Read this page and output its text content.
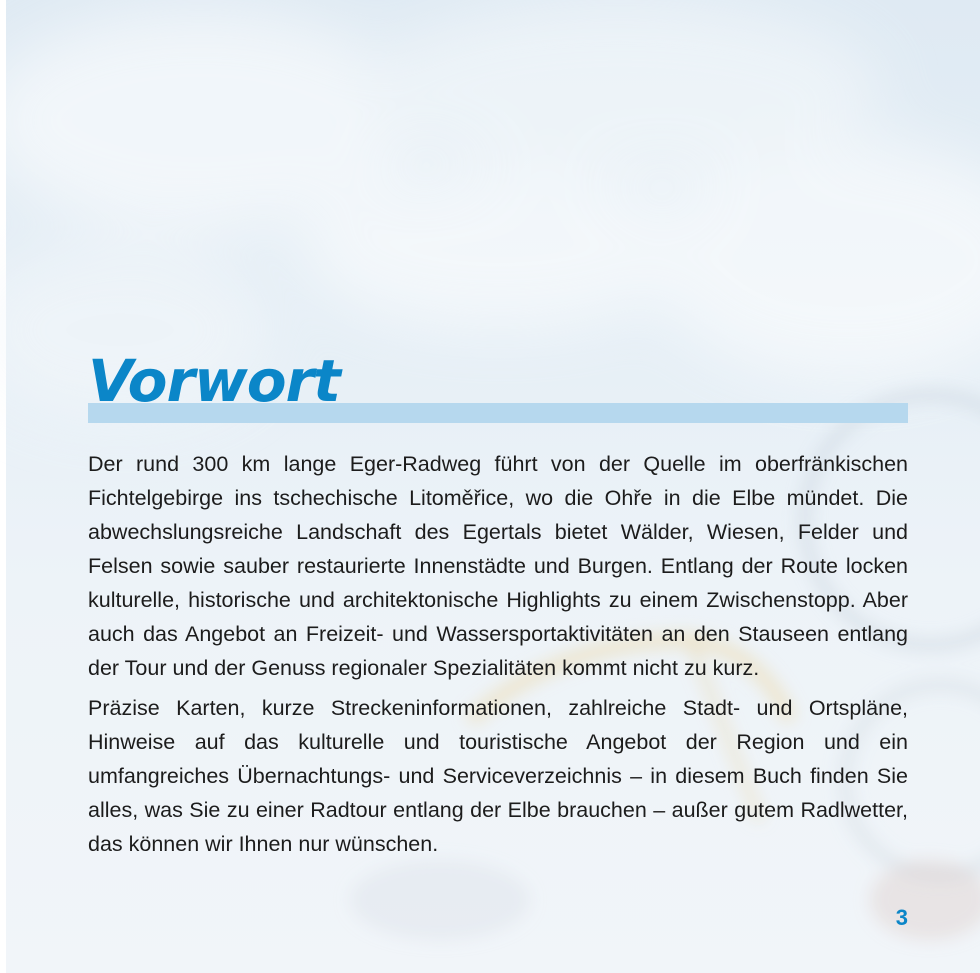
Vorwort

Der rund 300 km lange Eger-Radweg führt von der Quelle im oberfränkischen Fichtelgebirge ins tschechische Litoměřice, wo die Ohře in die Elbe mündet. Die abwechslungsreiche Landschaft des Egertals bietet Wälder, Wiesen, Felder und Felsen sowie sauber restaurierte Innenstädte und Burgen. Entlang der Route locken kulturelle, historische und architektonische Highlights zu einem Zwischenstopp. Aber auch das Angebot an Freizeit- und Wassersportaktivitäten an den Stauseen entlang der Tour und der Genuss regionaler Spezialitäten kommt nicht zu kurz.

Präzise Karten, kurze Streckeninformationen, zahlreiche Stadt- und Ortspläne, Hinweise auf das kulturelle und touristische Angebot der Region und ein umfangreiches Übernachtungs- und Serviceverzeichnis – in diesem Buch finden Sie alles, was Sie zu einer Radtour entlang der Elbe brauchen – außer gutem Radlwetter, das können wir Ihnen nur wünschen.

3
